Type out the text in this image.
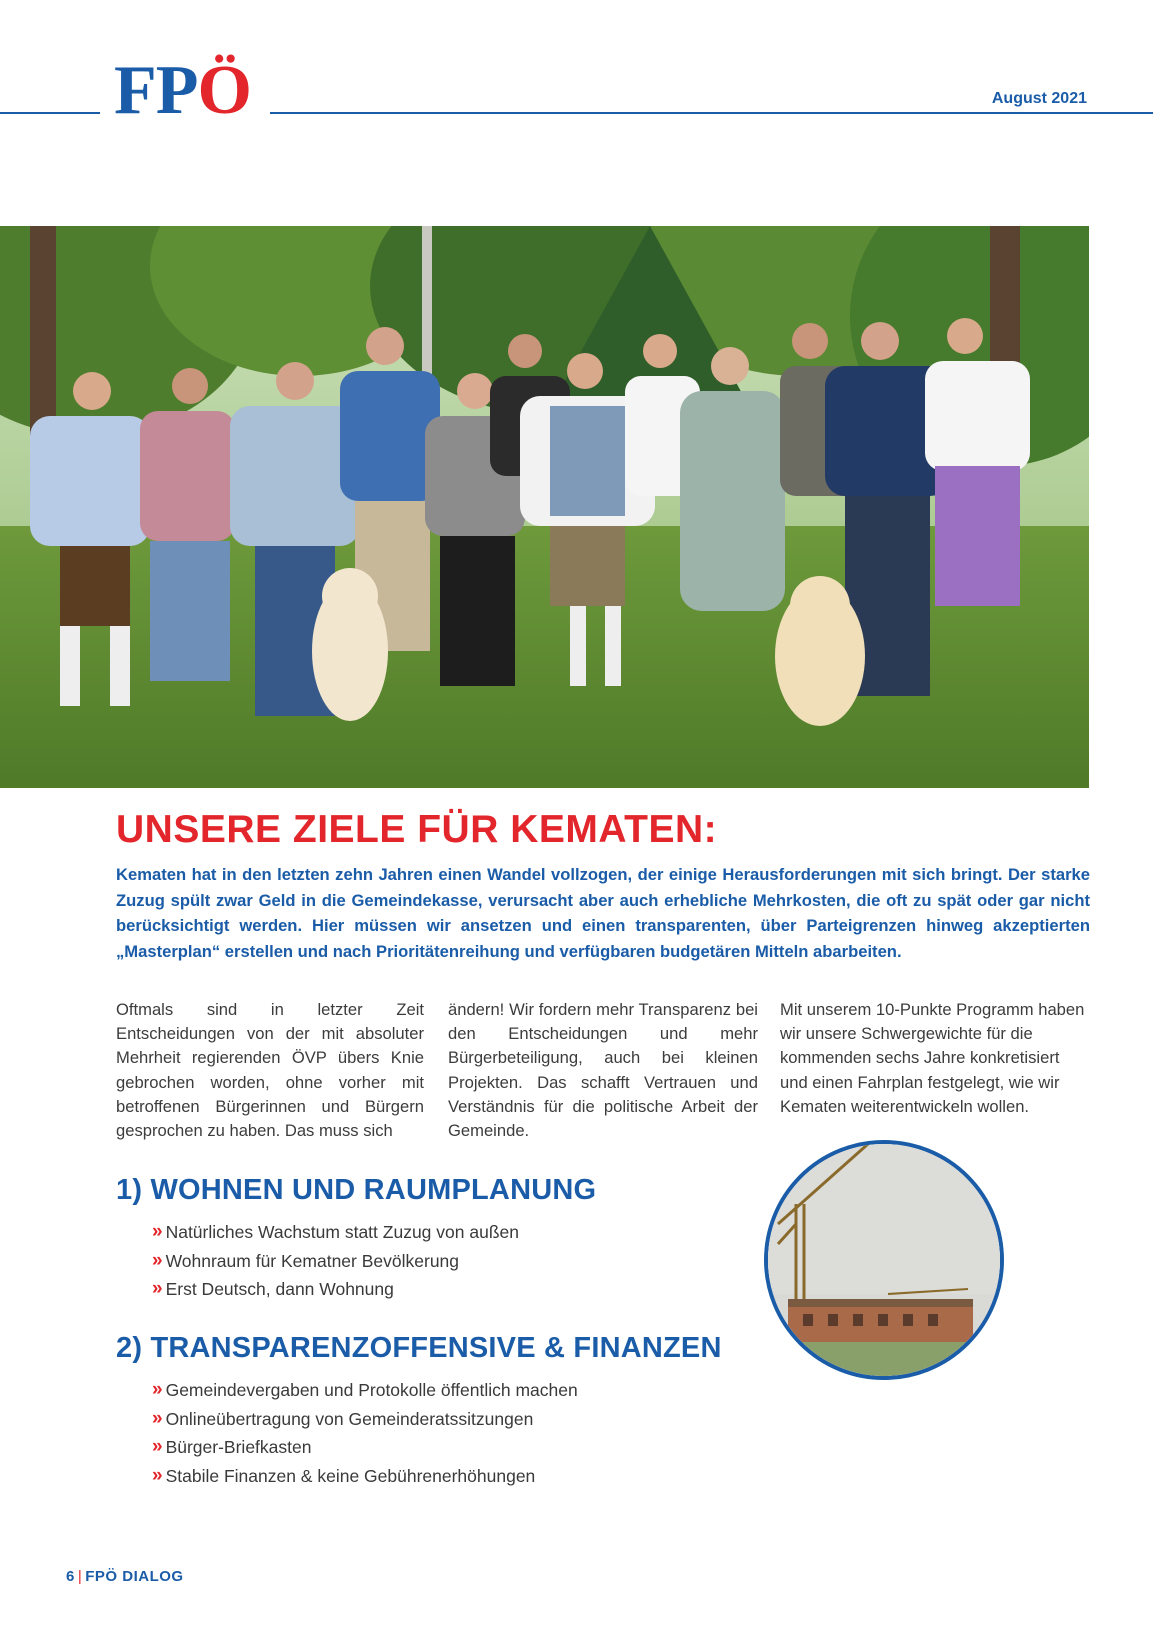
FP Ö	August 2021
UNSERE ZIELE FÜR KEMATEN:
Kematen hat in den letzten zehn Jahren einen Wandel vollzogen, der einige Herausforderungen mit sich bringt. Der starke Zuzug spült zwar Geld in die Gemeindekasse, verursacht aber auch erhebliche Mehrkosten, die oft zu spät oder gar nicht berücksichtigt werden. Hier müssen wir ansetzen und einen transparenten, über Parteigrenzen hinweg akzeptierten „Masterplan“ erstellen und nach Prioritätenreihung und verfügbaren budgetären Mitteln abarbeiten.
Oftmals sind in letzter Zeit Entscheidungen von der mit absoluter Mehrheit regierenden ÖVP übers Knie gebrochen worden, ohne vorher mit betroffenen Bürgerinnen und Bürgern gesprochen zu haben. Das muss sich
ändern! Wir fordern mehr Transparenz bei den Entscheidungen und mehr Bürgerbeteiligung, auch bei kleinen Projekten. Das schafft Vertrauen und Verständnis für die politische Arbeit der Gemeinde.
Mit unserem 10-Punkte Programm haben wir unsere Schwergewichte für die kommenden sechs Jahre konkretisiert und einen Fahrplan festgelegt, wie wir Kematen weiterentwickeln wollen.
1) WOHNEN UND RAUMPLANUNG
» Natürliches Wachstum statt Zuzug von außen
» Wohnraum für Kematner Bevölkerung
» Erst Deutsch, dann Wohnung
2) TRANSPARENZOFFENSIVE & FINANZEN
» Gemeindevergaben und Protokolle öffentlich machen
» Onlineübertragung von Gemeinderatssitzungen
» Bürger-Briefkasten
» Stabile Finanzen & keine Gebührenerhöhungen
6 | FPÖ DIALOG
